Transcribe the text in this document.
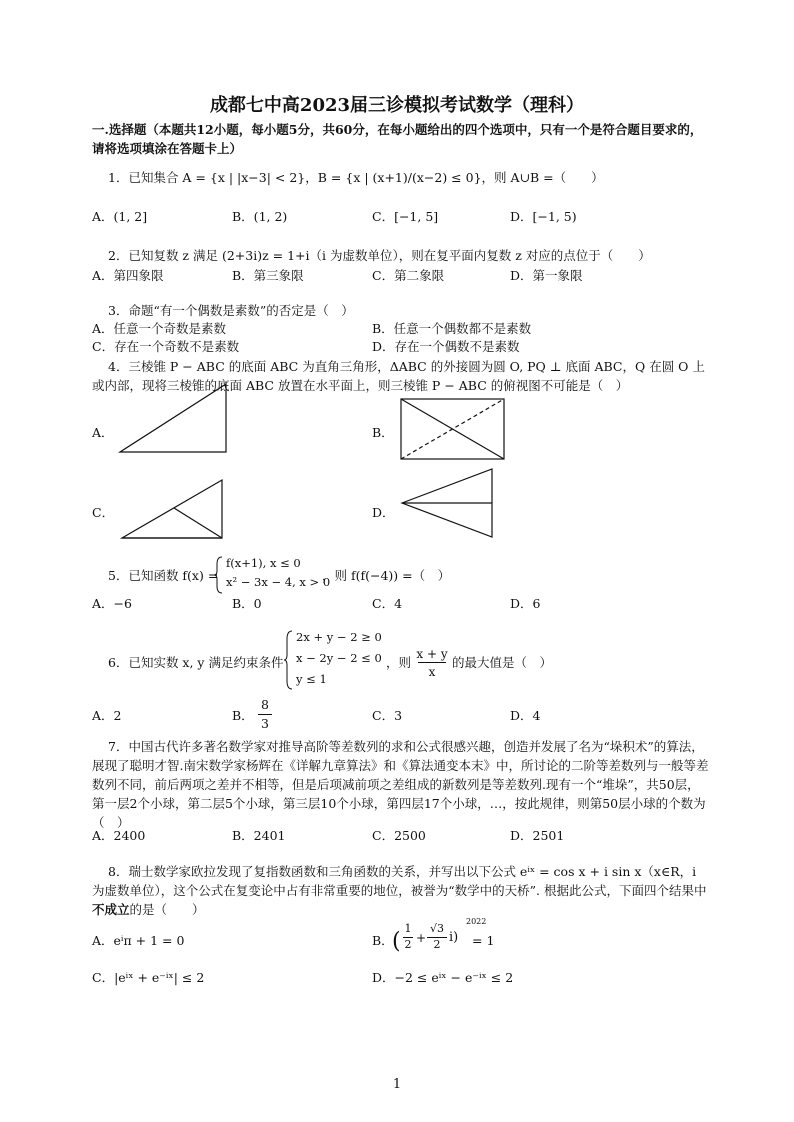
成都七中高2023届三诊模拟考试数学（理科）
一.选择题（本题共12小题，每小题5分，共60分，在每小题给出的四个选项中，只有一个是符合题目要求的，请将选项填涂在答题卡上）
1．已知集合 A = {x | |x−3| < 2}，B = {x | (x+1)/(x−2) ≤ 0}，则 A∪B =（　　）
A．(1, 2]	B．(1, 2)	C．[−1, 5]	D．[−1, 5)
2．已知复数 z 满足 (2+3i)z = 1+i（i 为虚数单位），则在复平面内复数 z 对应的点位于（　　）
A．第四象限	B．第三象限	C．第二象限	D．第一象限
3．命题“有一个偶数是素数”的否定是（　）
A．任意一个奇数是素数	B．任意一个偶数都不是素数
C．存在一个奇数不是素数	D．存在一个偶数不是素数
4．三棱锥 P − ABC 的底面 ABC 为直角三角形，ΔABC 的外接圆为圆 O, PQ ⊥ 底面 ABC，Q 在圆 O 上或内部，现将三棱锥的底面 ABC 放置在水平面上，则三棱锥 P − ABC 的俯视图不可能是（　）
A．	B．
C．	D．
5．已知函数 f(x) =
f(x+1), x ≤ 0
x² − 3x − 4, x > 0
，则 f(f(−4)) =（　）
A．−6	B．0	C．4	D．6
6．已知实数 x, y 满足约束条件
2x + y − 2 ≥ 0
x − 2y − 2 ≤ 0
y ≤ 1
，则
x + y
x
的最大值是（　）
A．2	B．
8
3
C．3	D．4
7．中国古代许多著名数学家对推导高阶等差数列的求和公式很感兴趣，创造并发展了名为“垛积术”的算法，展现了聪明才智.南宋数学家杨辉在《详解九章算法》和《算法通变本末》中，所讨论的二阶等差数列与一般等差数列不同，前后两项之差并不相等，但是后项减前项之差组成的新数列是等差数列.现有一个“堆垛”，共50层，第一层2个小球，第二层5个小球，第三层10个小球，第四层17个小球，…，按此规律，则第50层小球的个数为（　）
A．2400	B．2401	C．2500	D．2501
8．瑞士数学家欧拉发现了复指数函数和三角函数的关系，并写出以下公式 eⁱˣ = cos x + i sin x（x∈R，i 为虚数单位），这个公式在复变论中占有非常重要的地位，被誉为“数学中的天桥”. 根据此公式，下面四个结果中不成立的是（　　）
A．eⁱπ + 1 = 0	B．
(
1
2 +
√3
2 i)
2022
= 1
C．|eⁱˣ + e⁻ⁱˣ| ≤ 2	D．−2 ≤ eⁱˣ − e⁻ⁱˣ ≤ 2
1
